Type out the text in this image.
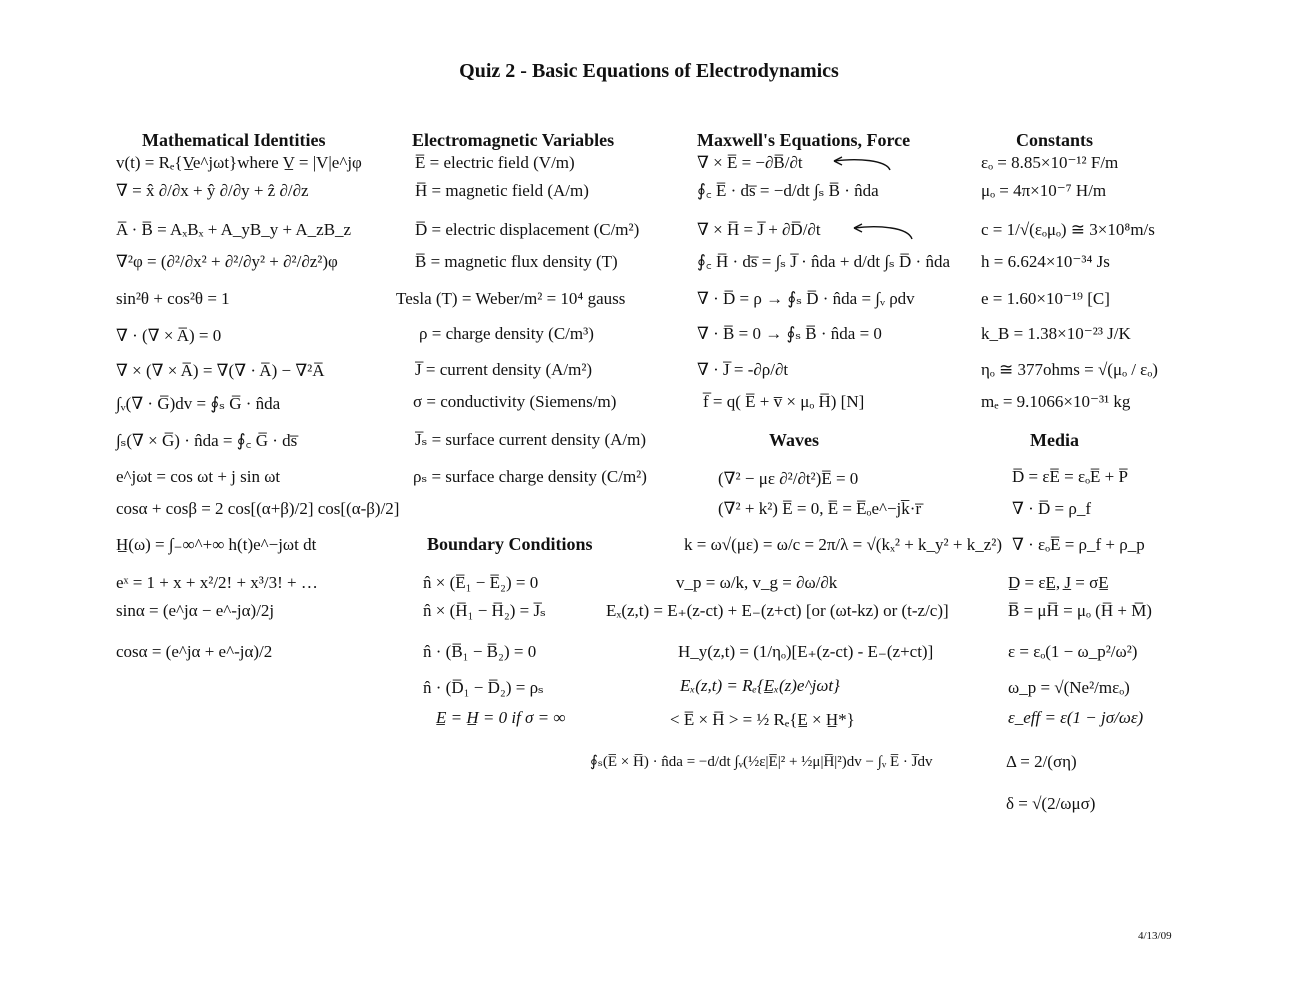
Quiz 2 - Basic Equations of Electrodynamics
Mathematical Identities	Electromagnetic Variables	Maxwell's Equations, Force	Constants
Waves	Media
Boundary Conditions
v(t) = Rₑ{V̲e^jωt}where V̲ = |V|e^jφ
∇ = x̂ ∂/∂x + ŷ ∂/∂y + ẑ ∂/∂z
A̅ · B̅ = AₓBₓ + A_yB_y + A_zB_z
∇²φ = (∂²/∂x² + ∂²/∂y² + ∂²/∂z²)φ
sin²θ + cos²θ = 1
∇ · (∇ × A̅) = 0
∇ × (∇ × A̅) = ∇(∇ · A̅) − ∇²A̅
∫ᵥ(∇ · G̅)dv = ∮ₛ G̅ · n̂da
∫ₛ(∇ × G̅) · n̂da = ∮꜀ G̅ · ds̅
e^jωt = cos ωt + j sin ωt
cosα + cosβ = 2 cos[(α+β)/2] cos[(α-β)/2]
H̲(ω) = ∫₋∞^+∞ h(t)e^−jωt dt
eˣ = 1 + x + x²/2! + x³/3! + …
sinα = (e^jα − e^-jα)/2j
cosα = (e^jα + e^-jα)/2
E̅ = electric field (V/m)
H̅ = magnetic field (A/m)
D̅ = electric displacement (C/m²)
B̅ = magnetic flux density (T)
Tesla (T) = Weber/m² = 10⁴ gauss
ρ = charge density (C/m³)
J̅ = current density (A/m²)
σ = conductivity (Siemens/m)
J̅ₛ = surface current density (A/m)
ρₛ = surface charge density (C/m²)
∇ × E̅ = −∂B̅/∂t
∮꜀ E̅ · ds̅ = −d/dt ∫ₛ B̅ · n̂da
∇ × H̅ = J̅ + ∂D̅/∂t
∮꜀ H̅ · ds̅ = ∫ₛ J̅ · n̂da + d/dt ∫ₛ D̅ · n̂da
∇ · D̅ = ρ → ∮ₛ D̅ · n̂da = ∫ᵥ ρdv
∇ · B̅ = 0 → ∮ₛ B̅ · n̂da = 0
∇ · J̅ = -∂ρ/∂t
f̅ = q( E̅ + v̅ × μₒ H̅) [N]
εₒ = 8.85×10⁻¹² F/m
μₒ = 4π×10⁻⁷ H/m
c = 1/√(εₒμₒ) ≅ 3×10⁸m/s
h = 6.624×10⁻³⁴ Js
e = 1.60×10⁻¹⁹ [C]
k_B = 1.38×10⁻²³ J/K
ηₒ ≅ 377ohms = √(μₒ / εₒ)
mₑ = 9.1066×10⁻³¹ kg
(∇² − με ∂²/∂t²)E̅ = 0
(∇² + k²) E̅ = 0, E̅ = E̅ₒe^−jk̅·r̅
k = ω√(με) = ω/c = 2π/λ = √(kₓ² + k_y² + k_z²)
v_p = ω/k, v_g = ∂ω/∂k
Eₓ(z,t) = E₊(z-ct) + E₋(z+ct) [or (ωt-kz) or (t-z/c)]
H_y(z,t) = (1/ηₒ)[E₊(z-ct) - E₋(z+ct)]
Eₓ(z,t) = Rₑ{E̲ₓ(z)e^jωt}
< E̅ × H̅ > = ½ Rₑ{E̲ × H̲*}
∮ₛ(E̅ × H̅) · n̂da = −d/dt ∫ᵥ(½ε|E̅|² + ½μ|H̅|²)dv − ∫ᵥ E̅ · J̅dv
n̂ × (E̅₁ − E̅₂) = 0
n̂ × (H̅₁ − H̅₂) = J̅ₛ
n̂ · (B̅₁ − B̅₂) = 0
n̂ · (D̅₁ − D̅₂) = ρₛ
E̲ = H̲ = 0 if σ = ∞
D̅ = εE̅ = εₒE̅ + P̅
∇ · D̅ = ρ_f
∇ · εₒE̅ = ρ_f + ρ_p
D̲ = εE̲, J̲ = σE̲
B̅ = μH̅ = μₒ (H̅ + M̅)
ε = εₒ(1 − ω_p²/ω²)
ω_p = √(Ne²/mεₒ)
ε_eff = ε(1 − jσ/ωε)
Δ = 2/(ση)
δ = √(2/ωμσ)
4/13/09
